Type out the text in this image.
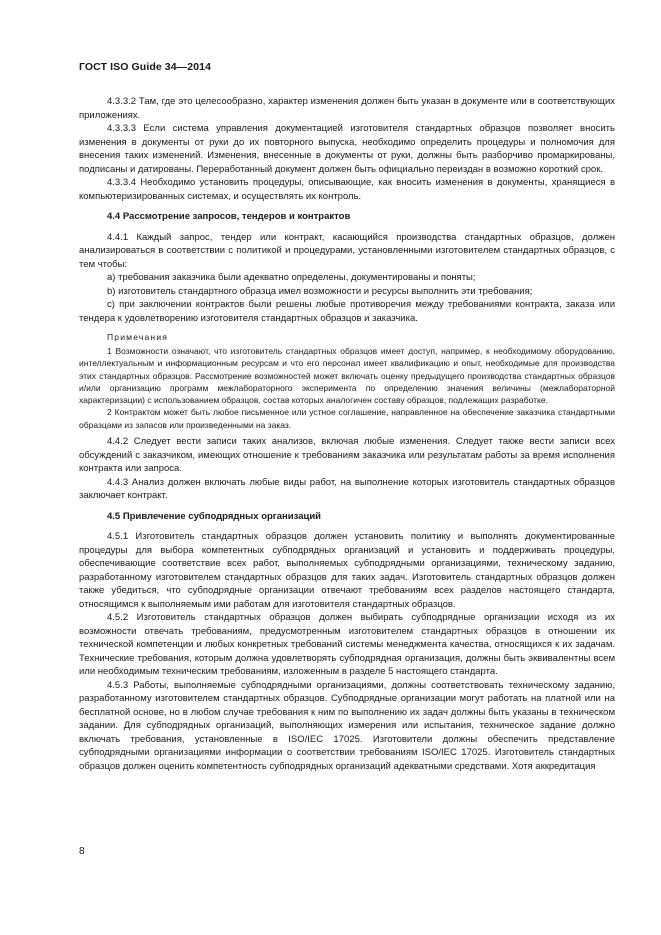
ГОСТ ISO Guide 34—2014

4.3.3.2 Там, где это целесообразно, характер изменения должен быть указан в документе или в соответствующих приложениях.

4.3.3.3 Если система управления документацией изготовителя стандартных образцов позволяет вносить изменения в документы от руки до их повторного выпуска, необходимо определить процедуры и полномочия для внесения таких изменений. Изменения, внесенные в документы от руки, должны быть разборчиво промаркированы, подписаны и датированы. Переработанный документ должен быть официально переиздан в возможно короткий срок.

4.3.3.4 Необходимо установить процедуры, описывающие, как вносить изменения в документы, хранящиеся в компьютеризированных системах, и осуществлять их контроль.

4.4 Рассмотрение запросов, тендеров и контрактов

4.4.1 Каждый запрос, тендер или контракт, касающийся производства стандартных образцов, должен анализироваться в соответствии с политикой и процедурами, установленными изготовителем стандартных образцов, с тем чтобы:

a) требования заказчика были адекватно определены, документированы и поняты;

b) изготовитель стандартного образца имел возможности и ресурсы выполнить эти требования;

c) при заключении контрактов были решены любые противоречия между требованиями контракта, заказа или тендера к удовлетворению изготовителя стандартных образцов и заказчика.

Примечания

1 Возможности означают, что изготовитель стандартных образцов имеет доступ, например, к необходимому оборудованию, интеллектуальным и информационным ресурсам и что его персонал имеет квалификацию и опыт, необходимые для производства этих стандартных образцов. Рассмотрение возможностей может включать оценку предыдущего производства стандартных образцов и/или организацию программ межлабораторного эксперимента по определению значения величины (межлабораторной характеризации) с использованием образцов, состав которых аналогичен составу образцов, подлежащих разработке.

2 Контрактом может быть любое письменное или устное соглашение, направленное на обеспечение заказчика стандартными образцами из запасов или произведенными на заказ.

4.4.2 Следует вести записи таких анализов, включая любые изменения. Следует также вести записи всех обсуждений с заказчиком, имеющих отношение к требованиям заказчика или результатам работы за время исполнения контракта или запроса.

4.4.3 Анализ должен включать любые виды работ, на выполнение которых изготовитель стандартных образцов заключает контракт.

4.5 Привлечение субподрядных организаций

4.5.1 Изготовитель стандартных образцов должен установить политику и выполнять документированные процедуры для выбора компетентных субподрядных организаций и установить и поддерживать процедуры, обеспечивающие соответствие всех работ, выполняемых субподрядными организациями, техническому заданию, разработанному изготовителем стандартных образцов для таких задач. Изготовитель стандартных образцов должен также убедиться, что субподрядные организации отвечают требованиям всех разделов настоящего стандарта, относящимся к выполняемым ими работам для изготовителя стандартных образцов.

4.5.2 Изготовитель стандартных образцов должен выбирать субподрядные организации исходя из их возможности отвечать требованиям, предусмотренным изготовителем стандартных образцов в отношении их технической компетенции и любых конкретных требований системы менеджмента качества, относящихся к их задачам. Технические требования, которым должна удовлетворять субподрядная организация, должны быть эквивалентны всем или необходимым техническим требованиям, изложенным в разделе 5 настоящего стандарта.

4.5.3 Работы, выполняемые субподрядными организациями, должны соответствовать техническому заданию, разработанному изготовителем стандартных образцов. Субподрядные организации могут работать на платной или на бесплатной основе, но в любом случае требования к ним по выполнению их задач должны быть указаны в техническом задании. Для субподрядных организаций, выполняющих измерения или испытания, техническое задание должно включать требования, установленные в ISO/IEC 17025. Изготовители должны обеспечить представление субподрядными организациями информации о соответствии требованиям ISO/IEC 17025. Изготовитель стандартных образцов должен оценить компетентность субподрядных организаций адекватными средствами. Хотя аккредитация

8
